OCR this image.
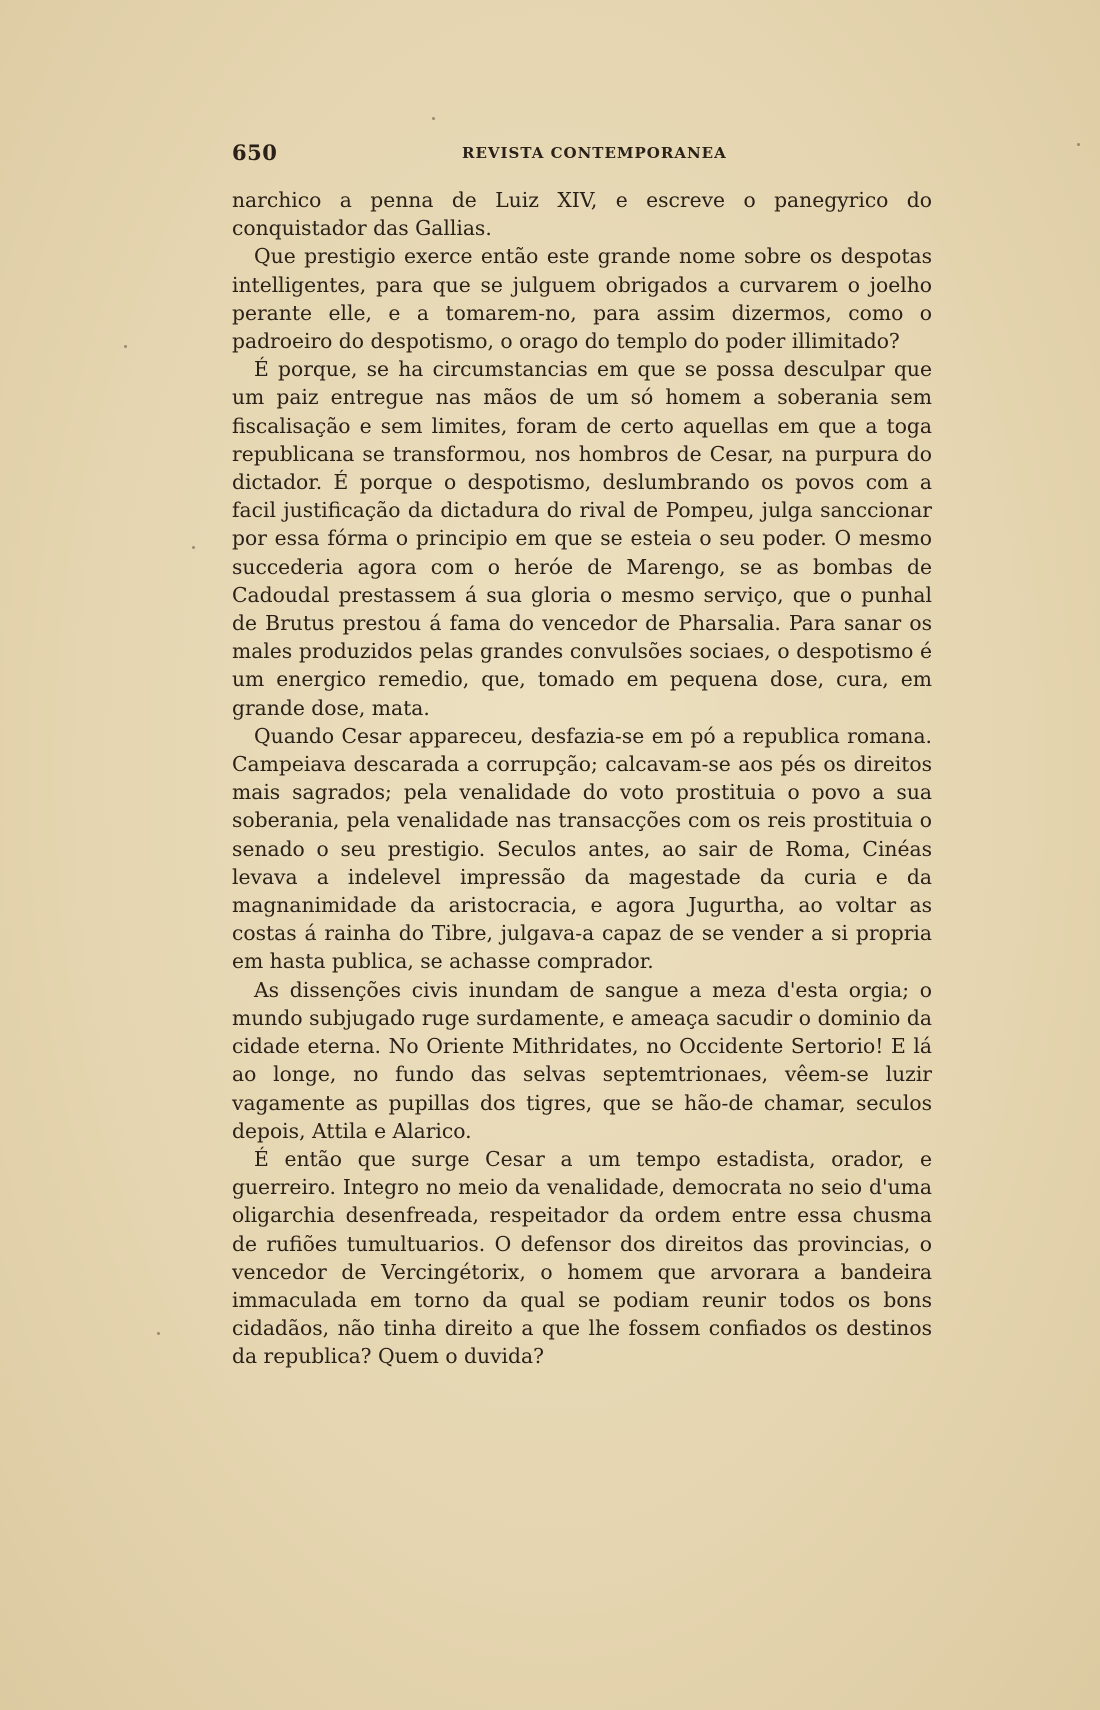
650	REVISTA CONTEMPORANEA

narchico a penna de Luiz XIV, e escreve o panegyrico do conquistador das Gallias.

Que prestigio exerce então este grande nome sobre os despotas intelligentes, para que se julguem obrigados a curvarem o joelho perante elle, e a tomarem-no, para assim dizermos, como o padroeiro do despotismo, o orago do templo do poder illimitado?

É porque, se ha circumstancias em que se possa desculpar que um paiz entregue nas mãos de um só homem a soberania sem fiscalisação e sem limites, foram de certo aquellas em que a toga republicana se transformou, nos hombros de Cesar, na purpura do dictador. É porque o despotismo, deslumbrando os povos com a facil justificação da dictadura do rival de Pompeu, julga sanccionar por essa fórma o principio em que se esteia o seu poder. O mesmo succederia agora com o heróe de Marengo, se as bombas de Cadoudal prestassem á sua gloria o mesmo serviço, que o punhal de Brutus prestou á fama do vencedor de Pharsalia. Para sanar os males produzidos pelas grandes convulsões sociaes, o despotismo é um energico remedio, que, tomado em pequena dose, cura, em grande dose, mata.

Quando Cesar appareceu, desfazia-se em pó a republica romana. Campeiava descarada a corrupção; calcavam-se aos pés os direitos mais sagrados; pela venalidade do voto prostituia o povo a sua soberania, pela venalidade nas transacções com os reis prostituia o senado o seu prestigio. Seculos antes, ao sair de Roma, Cinéas levava a indelevel impressão da magestade da curia e da magnanimidade da aristocracia, e agora Jugurtha, ao voltar as costas á rainha do Tibre, julgava-a capaz de se vender a si propria em hasta publica, se achasse comprador.

As dissenções civis inundam de sangue a meza d'esta orgia; o mundo subjugado ruge surdamente, e ameaça sacudir o dominio da cidade eterna. No Oriente Mithridates, no Occidente Sertorio! E lá ao longe, no fundo das selvas septemtrionaes, vêem-se luzir vagamente as pupillas dos tigres, que se hão-de chamar, seculos depois, Attila e Alarico.

É então que surge Cesar a um tempo estadista, orador, e guerreiro. Integro no meio da venalidade, democrata no seio d'uma oligarchia desenfreada, respeitador da ordem entre essa chusma de rufiões tumultuarios. O defensor dos direitos das provincias, o vencedor de Vercingétorix, o homem que arvorara a bandeira immaculada em torno da qual se podiam reunir todos os bons cidadãos, não tinha direito a que lhe fossem confiados os destinos da republica? Quem o duvida?
